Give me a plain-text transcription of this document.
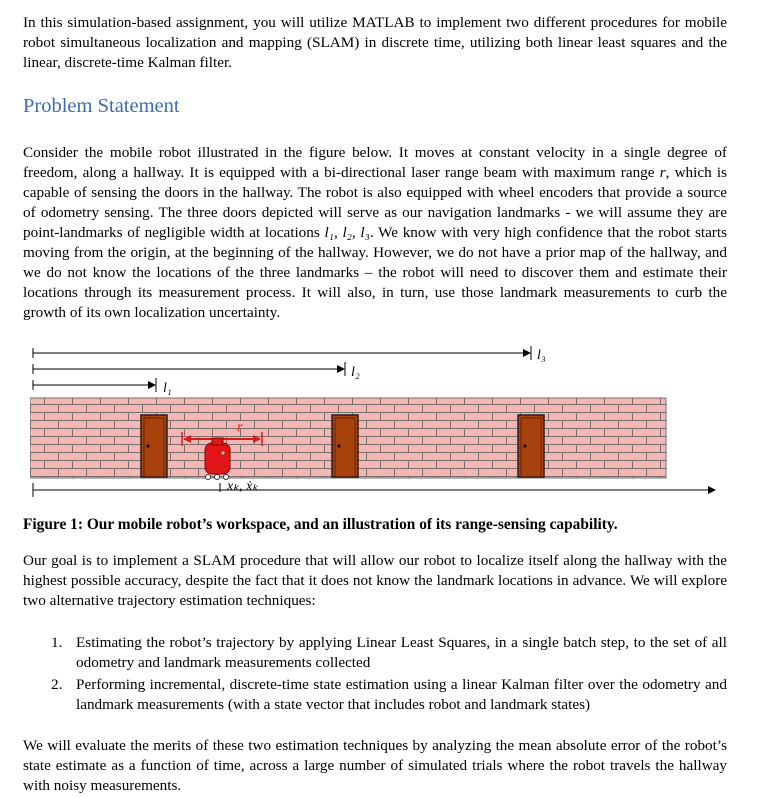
In this simulation-based assignment, you will utilize MATLAB to implement two different procedures for mobile robot simultaneous localization and mapping (SLAM) in discrete time, utilizing both linear least squares and the linear, discrete-time Kalman filter.

Problem Statement

Consider the mobile robot illustrated in the figure below. It moves at constant velocity in a single degree of freedom, along a hallway. It is equipped with a bi-directional laser range beam with maximum range r, which is capable of sensing the doors in the hallway. The robot is also equipped with wheel encoders that provide a source of odometry sensing. The three doors depicted will serve as our navigation landmarks - we will assume they are point-landmarks of negligible width at locations l₁, l₂, l₃. We know with very high confidence that the robot starts moving from the origin, at the beginning of the hallway. However, we do not have a prior map of the hallway, and we do not know the locations of the three landmarks – the robot will need to discover them and estimate their locations through its measurement process. It will also, in turn, use those landmark measurements to curb the growth of its own localization uncertainty.

l₃
l₂
l₁
r
xₖ, ẋₖ

Figure 1: Our mobile robot’s workspace, and an illustration of its range-sensing capability.

Our goal is to implement a SLAM procedure that will allow our robot to localize itself along the hallway with the highest possible accuracy, despite the fact that it does not know the landmark locations in advance. We will explore two alternative trajectory estimation techniques:

1. Estimating the robot’s trajectory by applying Linear Least Squares, in a single batch step, to the set of all odometry and landmark measurements collected
2. Performing incremental, discrete-time state estimation using a linear Kalman filter over the odometry and landmark measurements (with a state vector that includes robot and landmark states)

We will evaluate the merits of these two estimation techniques by analyzing the mean absolute error of the robot’s state estimate as a function of time, across a large number of simulated trials where the robot travels the hallway with noisy measurements.
